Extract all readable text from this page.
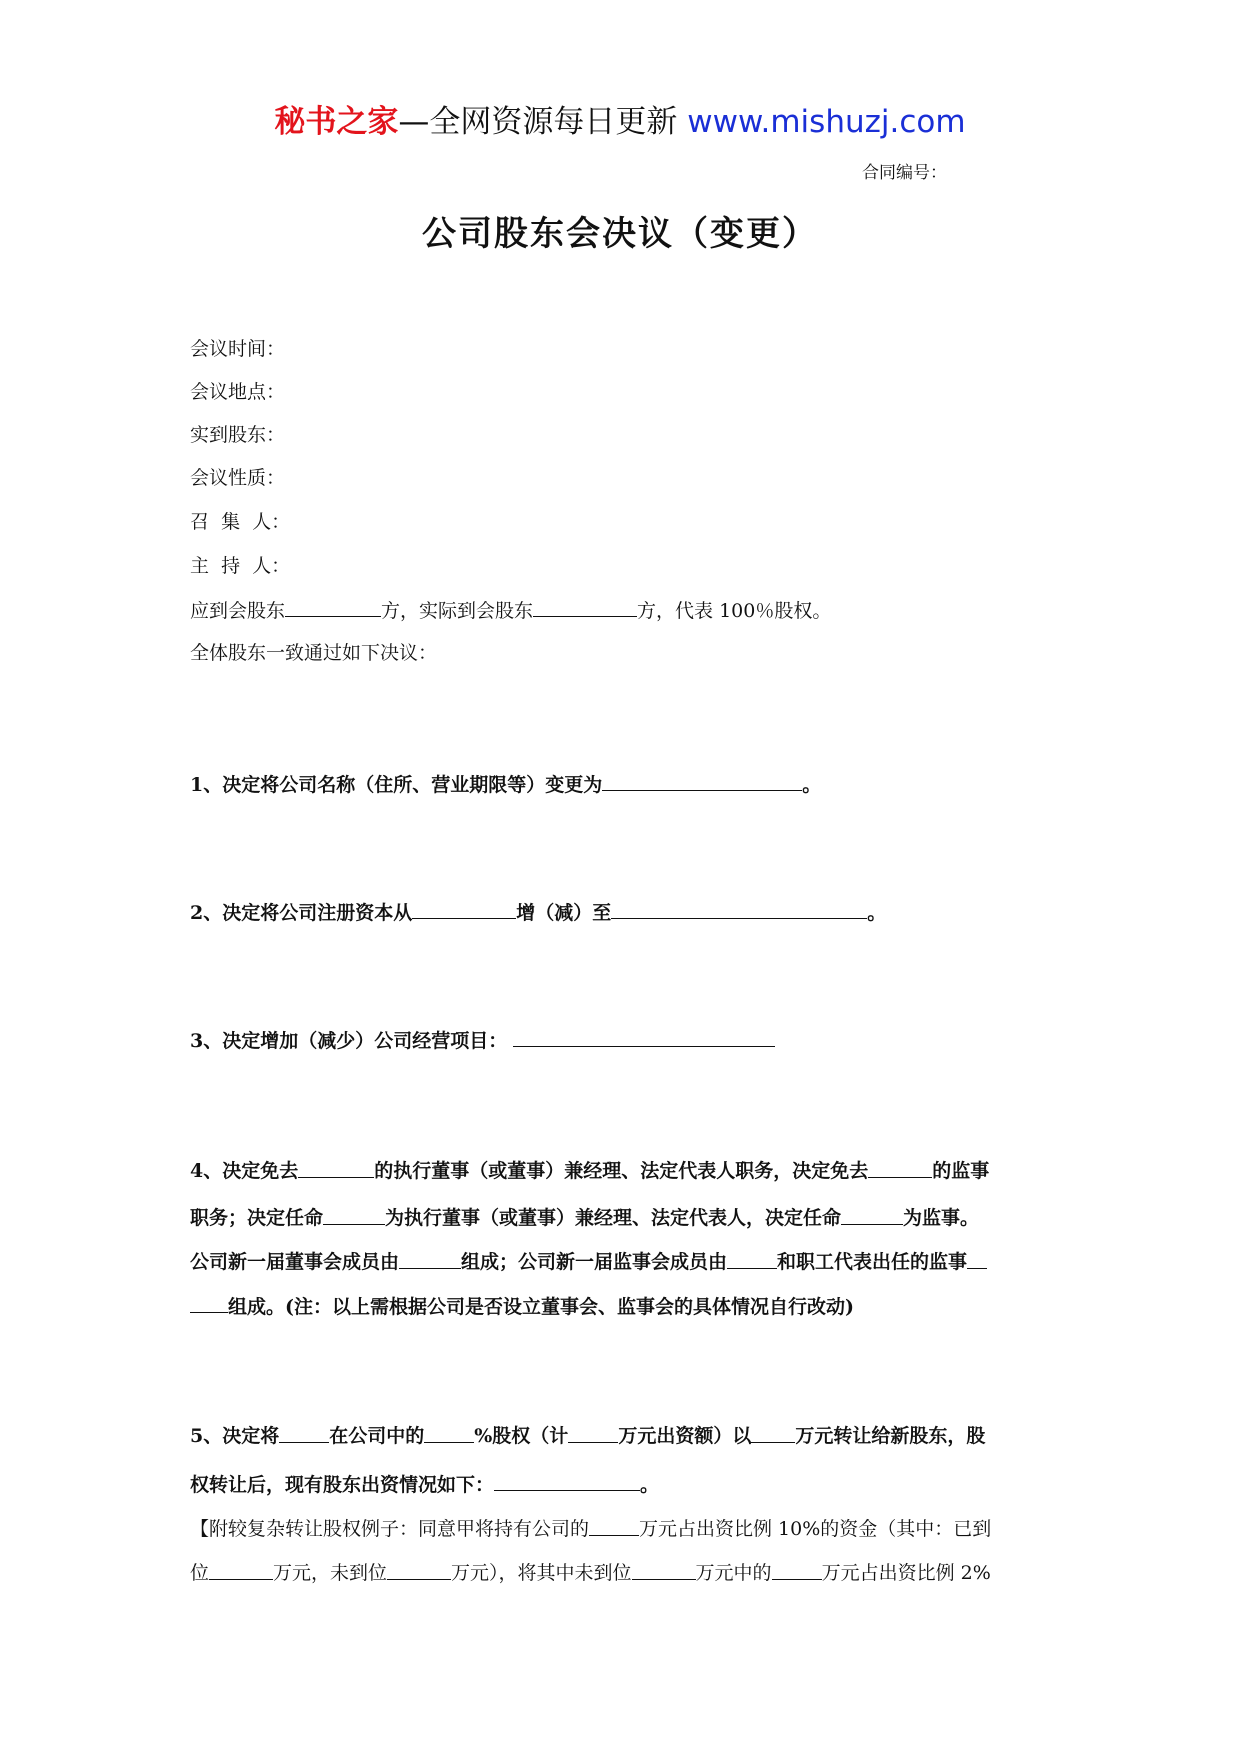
秘书之家—全网资源每日更新 www.mishuzj.com
合同编号：
公司股东会决议（变更）
会议时间：
会议地点：
实到股东：
会议性质：
召  集  人：
主  持  人：
应到会股东	方，实际到会股东	方，代表 100％股权。
全体股东一致通过如下决议：
1、决定将公司名称（住所、营业期限等）变更为	。
2、决定将公司注册资本从	增（减）至	。
3、决定增加（减少）公司经营项目：
4、决定免去	的执行董事（或董事）兼经理、法定代表人职务，决定免去	的监事
职务；决定任命	为执行董事（或董事）兼经理、法定代表人，决定任命	为监事。
公司新一届董事会成员由	组成；公司新一届监事会成员由	和职工代表出任的监事
组成。(注：以上需根据公司是否设立董事会、监事会的具体情况自行改动)
5、决定将	在公司中的	%股权（计	万元出资额）以 万元转让给新股东，股
权转让后，现有股东出资情况如下：	。
【附较复杂转让股权例子：同意甲将持有公司的	万元占出资比例 10%的资金（其中：已到
位	万元，未到位	万元），将其中未到位	万元中的	万元占出资比例 2%
